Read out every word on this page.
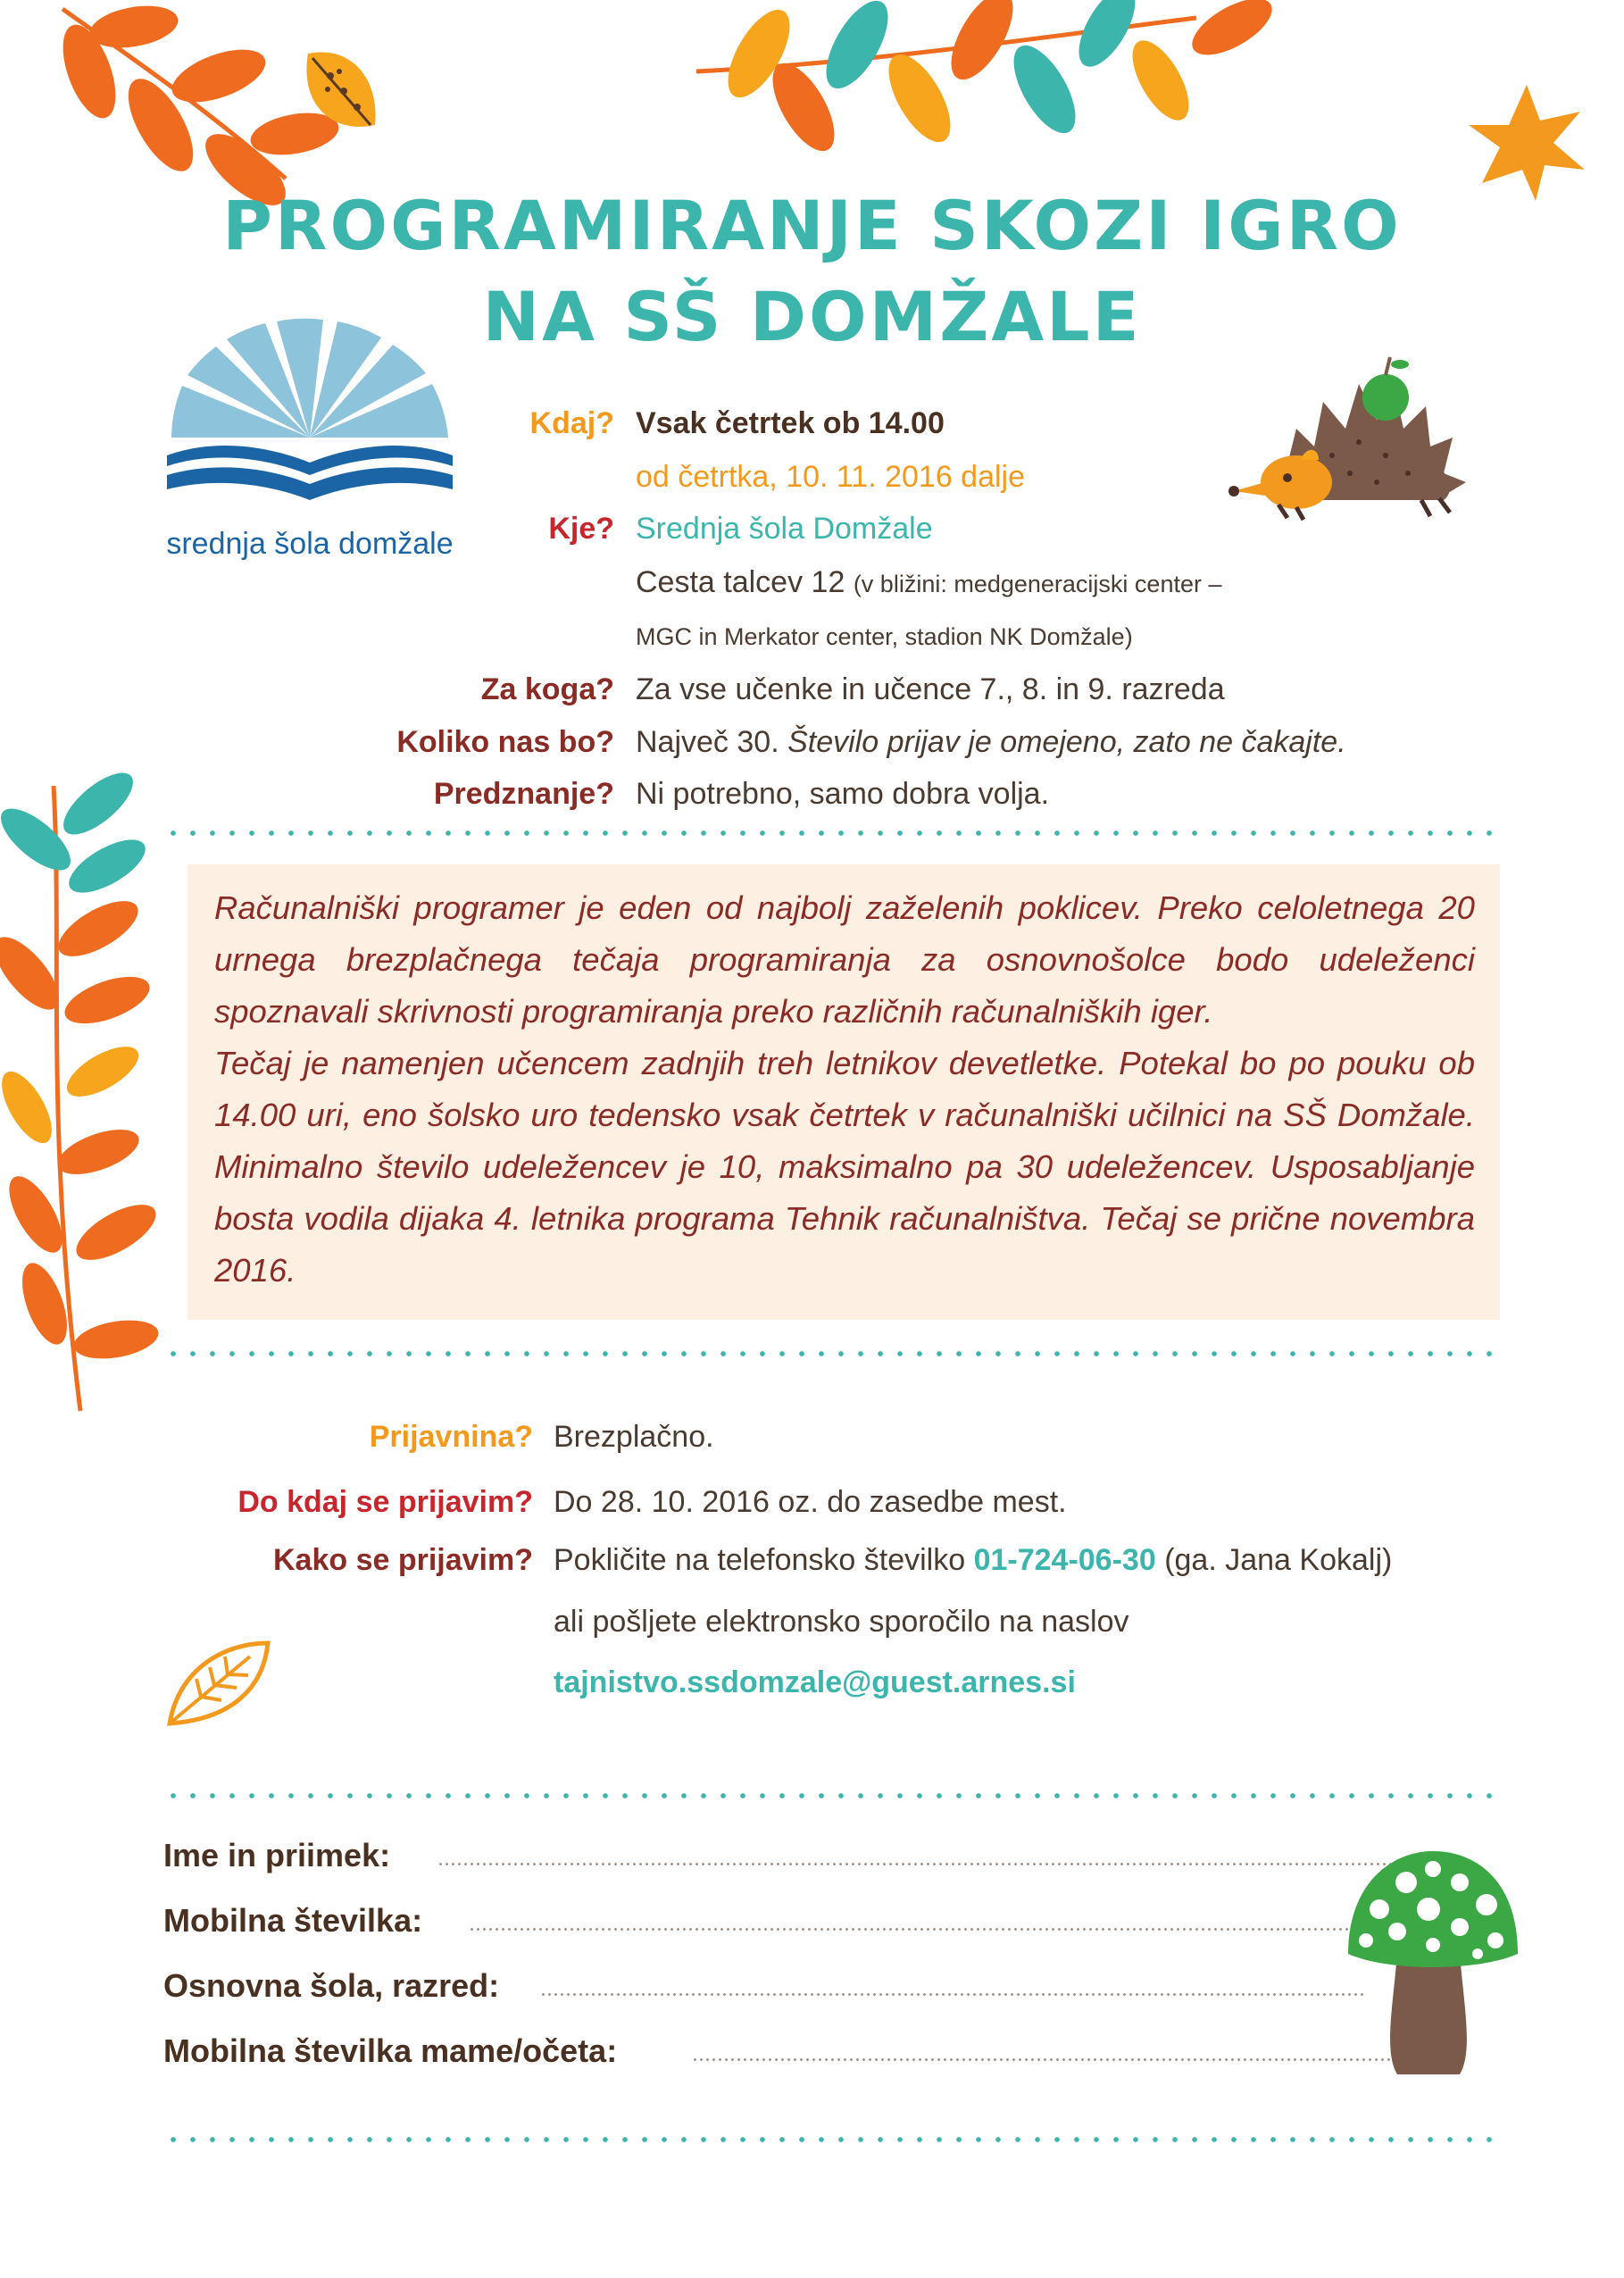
PROGRAMIRANJE SKOZI IGRO
NA SŠ DOMŽALE
srednja šola domžale
Kdaj? Vsak četrtek ob 14.00
od četrtka, 10. 11. 2016 dalje
Kje? Srednja šola Domžale
Cesta talcev 12 (v bližini: medgeneracijski center –
MGC in Merkator center, stadion NK Domžale)
Za koga? Za vse učenke in učence 7., 8. in 9. razreda
Koliko nas bo? Največ 30. Število prijav je omejeno, zato ne čakajte.
Predznanje? Ni potrebno, samo dobra volja.

Računalniški programer je eden od najbolj zaželenih poklicev. Preko celoletnega 20 urnega brezplačnega tečaja programiranja za osnovnošolce bodo udeleženci spoznavali skrivnosti programiranja preko različnih računalniških iger.

Tečaj je namenjen učencem zadnjih treh letnikov devetletke. Potekal bo po pouku ob 14.00 uri, eno šolsko uro tedensko vsak četrtek v računalniški učilnici na SŠ Domžale. Minimalno število udeležencev je 10, maksimalno pa 30 udeležencev. Usposabljanje bosta vodila dijaka 4. letnika programa Tehnik računalništva. Tečaj se prične novembra 2016.

Prijavnina? Brezplačno.
Do kdaj se prijavim? Do 28. 10. 2016 oz. do zasedbe mest.
Kako se prijavim? Pokličite na telefonsko številko 01-724-06-30 (ga. Jana Kokalj)
ali pošljete elektronsko sporočilo na naslov
tajnistvo.ssdomzale@guest.arnes.si
Ime in priimek:
Mobilna številka:
Osnovna šola, razred:
Mobilna številka mame/očeta:
